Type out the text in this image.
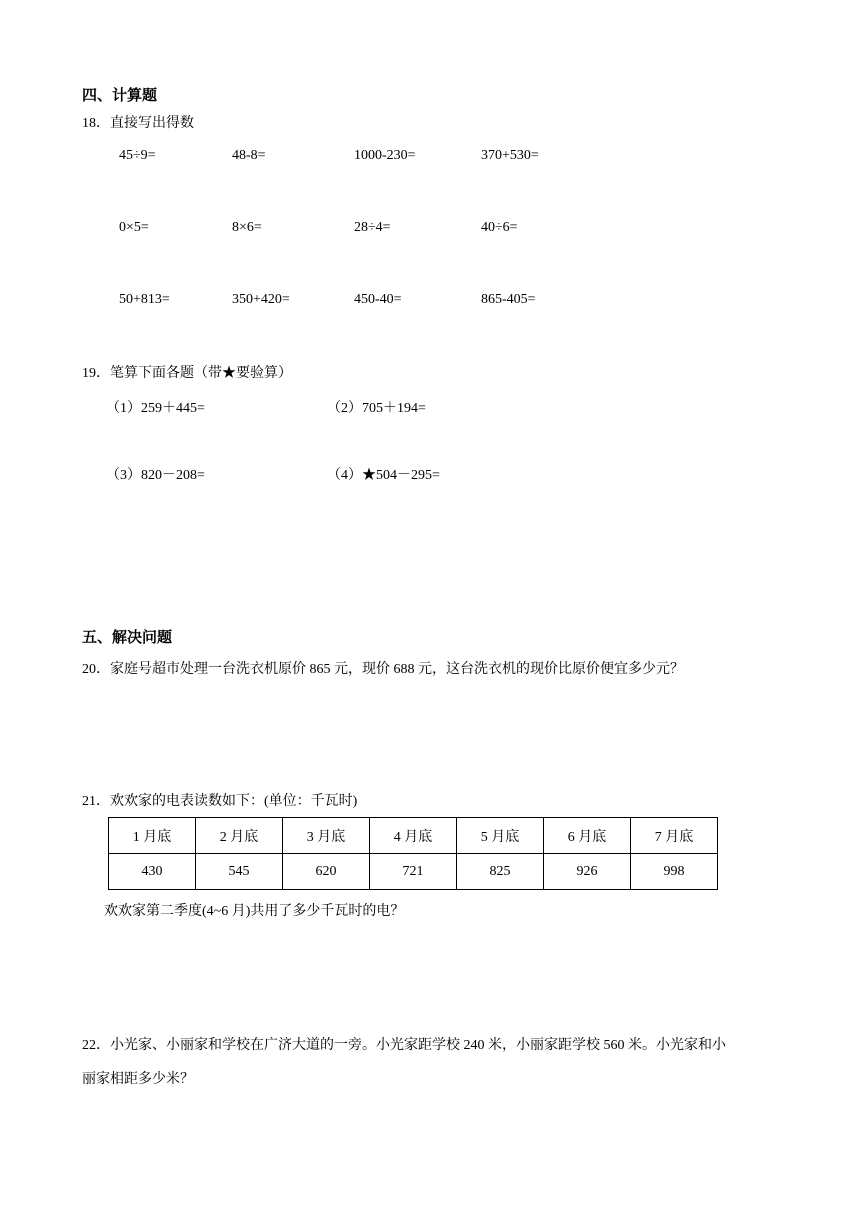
四、计算题
18．直接写出得数
45÷9=	48-8=	1000-230=	370+530=
0×5=	8×6=	28÷4=	40÷6=
50+813=	350+420=	450-40=	865-405=
19．笔算下面各题（带★要验算）
（1）259＋445=	（2）705＋194=
（3）820－208=	（4）★504－295=
五、解决问题
20．家庭号超市处理一台洗衣机原价 865 元，现价 688 元，这台洗衣机的现价比原价便宜多少元？
21．欢欢家的电表读数如下：(单位：千瓦时)
1 月底	2 月底	3 月底	4 月底	5 月底	6 月底	7 月底
430	545	620	721	825	926	998
欢欢家第二季度(4~6 月)共用了多少千瓦时的电？
22．小光家、小丽家和学校在广济大道的一旁。小光家距学校 240 米，小丽家距学校 560 米。小光家和小
丽家相距多少米？
